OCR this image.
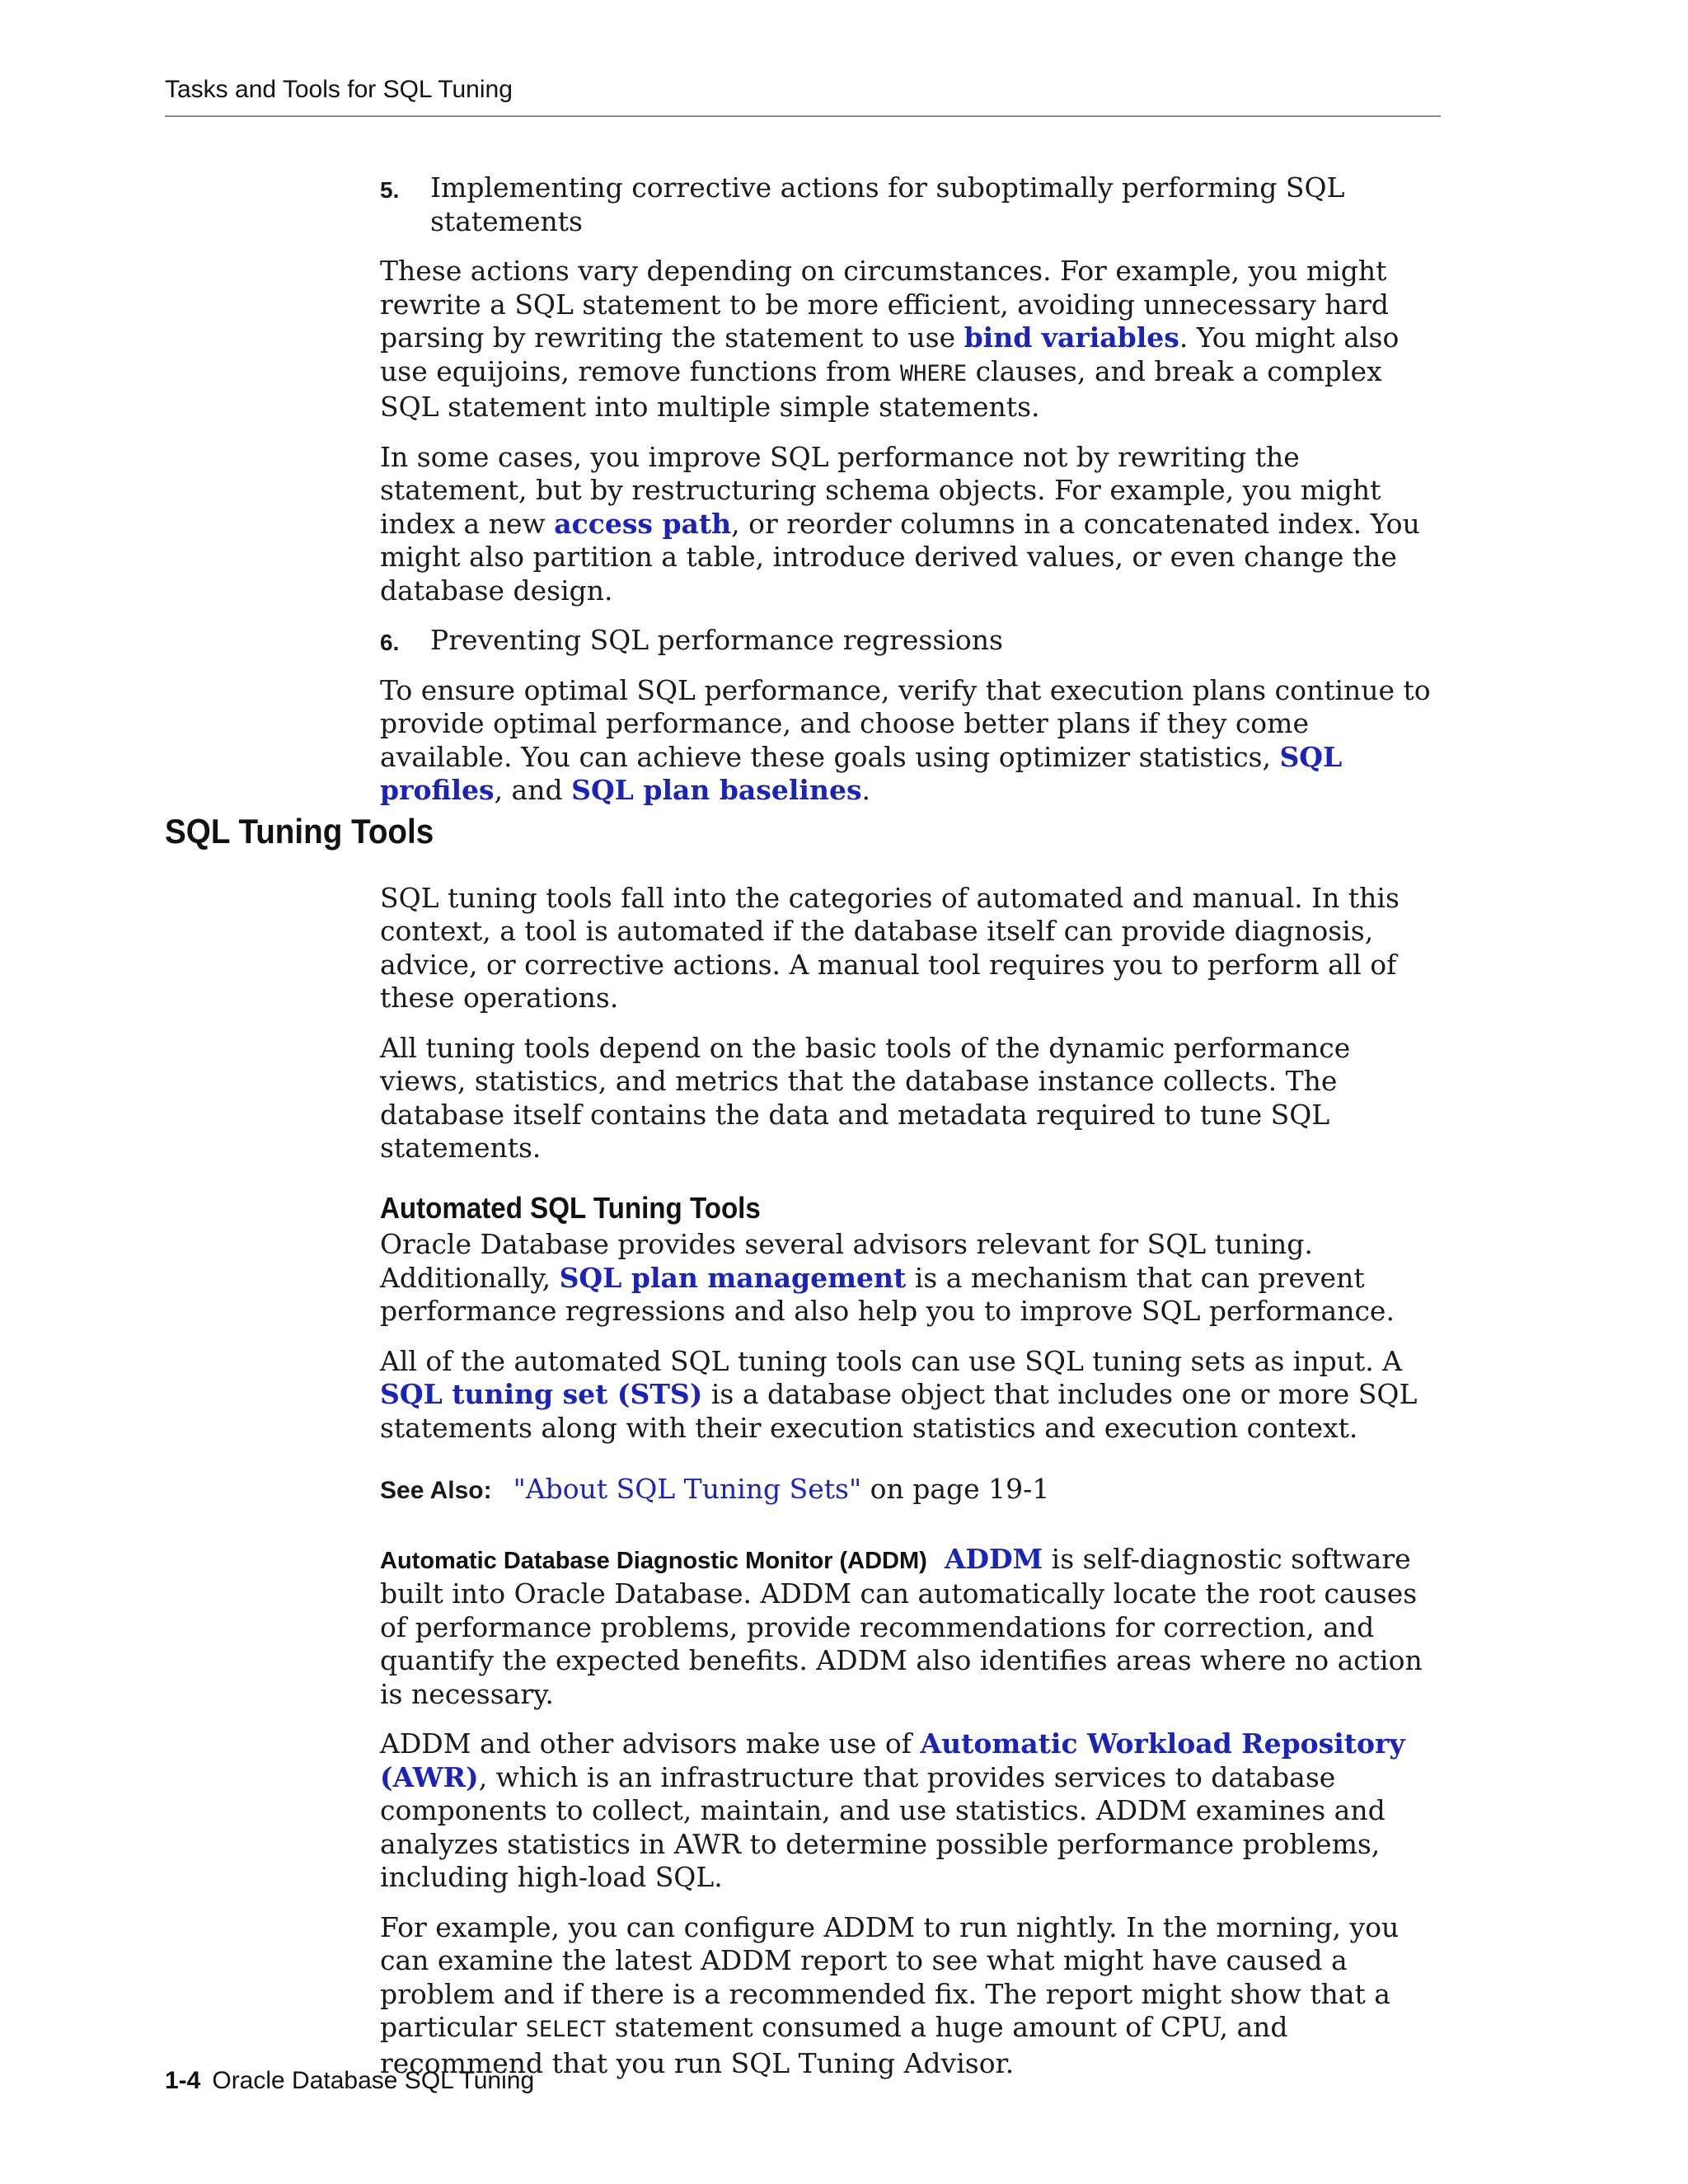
Tasks and Tools for SQL Tuning
5. Implementing corrective actions for suboptimally performing SQL statements

These actions vary depending on circumstances. For example, you might rewrite a SQL statement to be more efficient, avoiding unnecessary hard parsing by rewriting the statement to use bind variables. You might also use equijoins, remove functions from WHERE clauses, and break a complex SQL statement into multiple simple statements.

In some cases, you improve SQL performance not by rewriting the statement, but by restructuring schema objects. For example, you might index a new access path, or reorder columns in a concatenated index. You might also partition a table, introduce derived values, or even change the database design.

6. Preventing SQL performance regressions

To ensure optimal SQL performance, verify that execution plans continue to provide optimal performance, and choose better plans if they come available. You can achieve these goals using optimizer statistics, SQL profiles, and SQL plan baselines.

SQL tuning tools fall into the categories of automated and manual. In this context, a tool is automated if the database itself can provide diagnosis, advice, or corrective actions. A manual tool requires you to perform all of these operations.

All tuning tools depend on the basic tools of the dynamic performance views, statistics, and metrics that the database instance collects. The database itself contains the data and metadata required to tune SQL statements.

Automated SQL Tuning Tools

Oracle Database provides several advisors relevant for SQL tuning. Additionally, SQL plan management is a mechanism that can prevent performance regressions and also help you to improve SQL performance.

All of the automated SQL tuning tools can use SQL tuning sets as input. A SQL tuning set (STS) is a database object that includes one or more SQL statements along with their execution statistics and execution context.

See Also: "About SQL Tuning Sets" on page 19-1

Automatic Database Diagnostic Monitor (ADDM) ADDM is self-diagnostic software built into Oracle Database. ADDM can automatically locate the root causes of performance problems, provide recommendations for correction, and quantify the expected benefits. ADDM also identifies areas where no action is necessary.

ADDM and other advisors make use of Automatic Workload Repository (AWR), which is an infrastructure that provides services to database components to collect, maintain, and use statistics. ADDM examines and analyzes statistics in AWR to determine possible performance problems, including high-load SQL.

For example, you can configure ADDM to run nightly. In the morning, you can examine the latest ADDM report to see what might have caused a problem and if there is a recommended fix. The report might show that a particular SELECT statement consumed a huge amount of CPU, and recommend that you run SQL Tuning Advisor.

SQL Tuning Tools
1-4 Oracle Database SQL Tuning
